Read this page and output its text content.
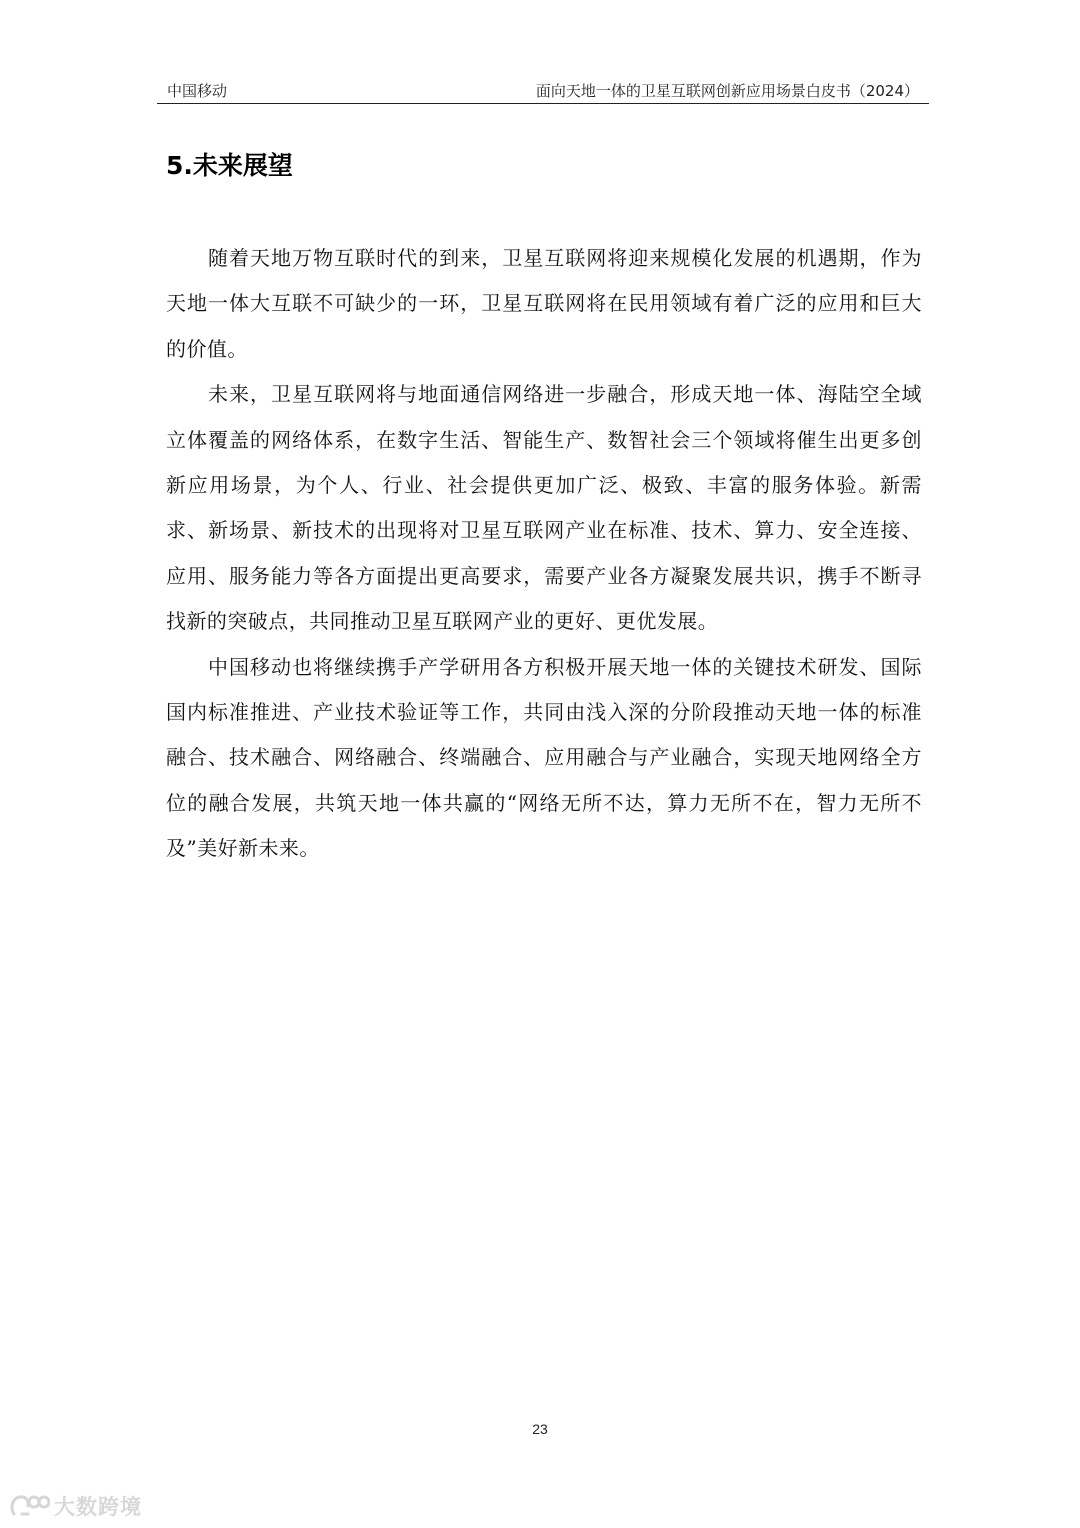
中国移动	面向天地一体的卫星互联网创新应用场景白皮书（2024）
5.未来展望

随着天地万物互联时代的到来，卫星互联网将迎来规模化发展的机遇期，作为天地一体大互联不可缺少的一环，卫星互联网将在民用领域有着广泛的应用和巨大的价值。

未来，卫星互联网将与地面通信网络进一步融合，形成天地一体、海陆空全域立体覆盖的网络体系，在数字生活、智能生产、数智社会三个领域将催生出更多创新应用场景，为个人、行业、社会提供更加广泛、极致、丰富的服务体验。新需求、新场景、新技术的出现将对卫星互联网产业在标准、技术、算力、安全连接、应用、服务能力等各方面提出更高要求，需要产业各方凝聚发展共识，携手不断寻找新的突破点，共同推动卫星互联网产业的更好、更优发展。

中国移动也将继续携手产学研用各方积极开展天地一体的关键技术研发、国际国内标准推进、产业技术验证等工作，共同由浅入深的分阶段推动天地一体的标准融合、技术融合、网络融合、终端融合、应用融合与产业融合，实现天地网络全方位的融合发展，共筑天地一体共赢的“网络无所不达，算力无所不在，智力无所不及”美好新未来。

23
大数跨境
